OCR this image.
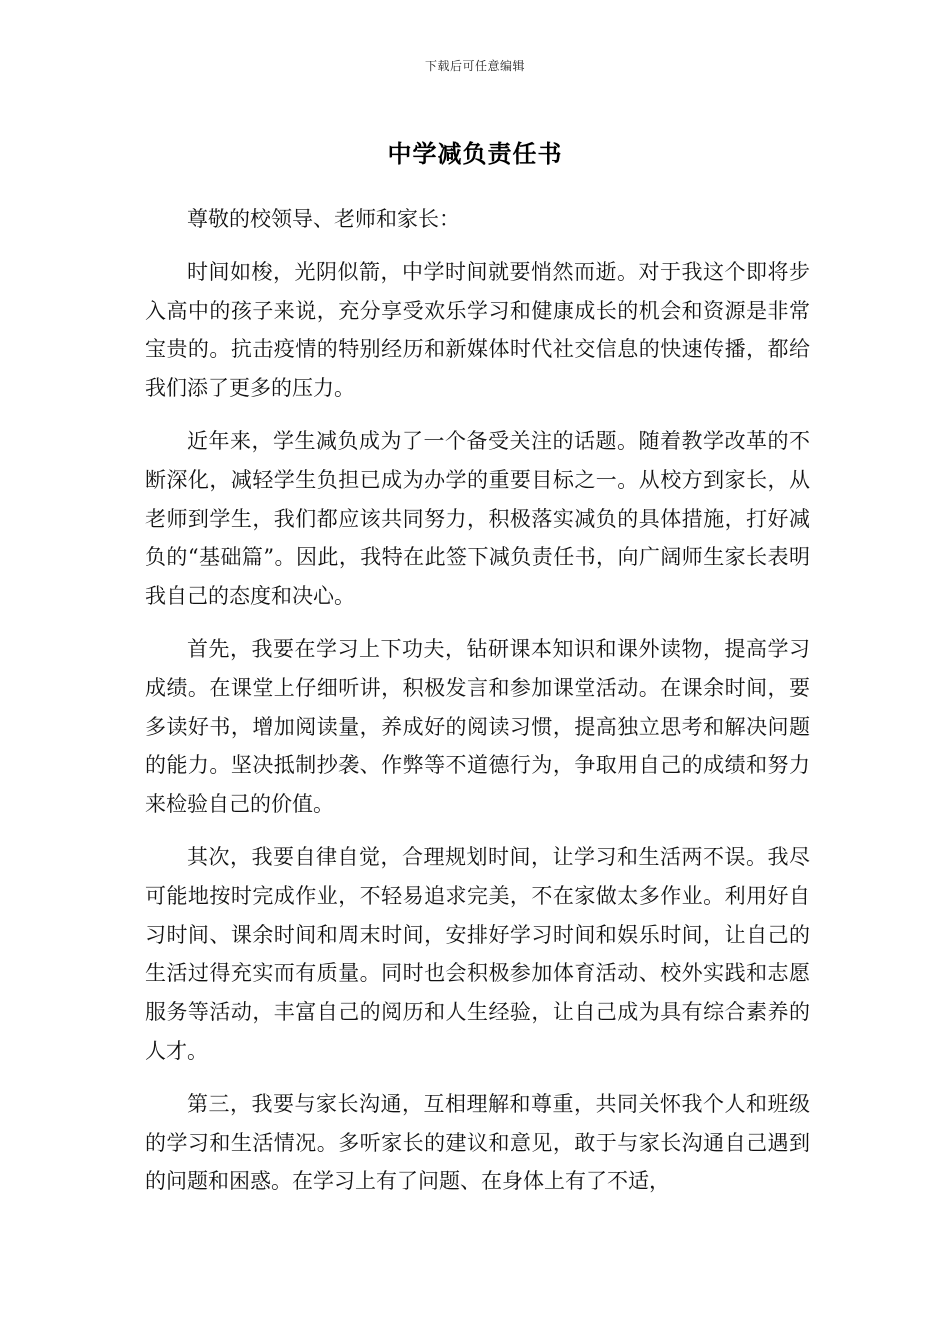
下载后可任意编辑
中学减负责任书

尊敬的校领导、老师和家长：

时间如梭，光阴似箭，中学时间就要悄然而逝。对于我这个即将步入高中的孩子来说，充分享受欢乐学习和健康成长的机会和资源是非常宝贵的。抗击疫情的特别经历和新媒体时代社交信息的快速传播，都给我们添了更多的压力。

近年来，学生减负成为了一个备受关注的话题。随着教学改革的不断深化，减轻学生负担已成为办学的重要目标之一。从校方到家长，从老师到学生，我们都应该共同努力，积极落实减负的具体措施，打好减负的“基础篇”。因此，我特在此签下减负责任书，向广阔师生家长表明我自己的态度和决心。

首先，我要在学习上下功夫，钻研课本知识和课外读物，提高学习成绩。在课堂上仔细听讲，积极发言和参加课堂活动。在课余时间，要多读好书，增加阅读量，养成好的阅读习惯，提高独立思考和解决问题的能力。坚决抵制抄袭、作弊等不道德行为，争取用自己的成绩和努力来检验自己的价值。

其次，我要自律自觉，合理规划时间，让学习和生活两不误。我尽可能地按时完成作业，不轻易追求完美，不在家做太多作业。利用好自习时间、课余时间和周末时间，安排好学习时间和娱乐时间，让自己的生活过得充实而有质量。同时也会积极参加体育活动、校外实践和志愿服务等活动，丰富自己的阅历和人生经验，让自己成为具有综合素养的人才。

第三，我要与家长沟通，互相理解和尊重，共同关怀我个人和班级的学习和生活情况。多听家长的建议和意见，敢于与家长沟通自己遇到的问题和困惑。在学习上有了问题、在身体上有了不适，
